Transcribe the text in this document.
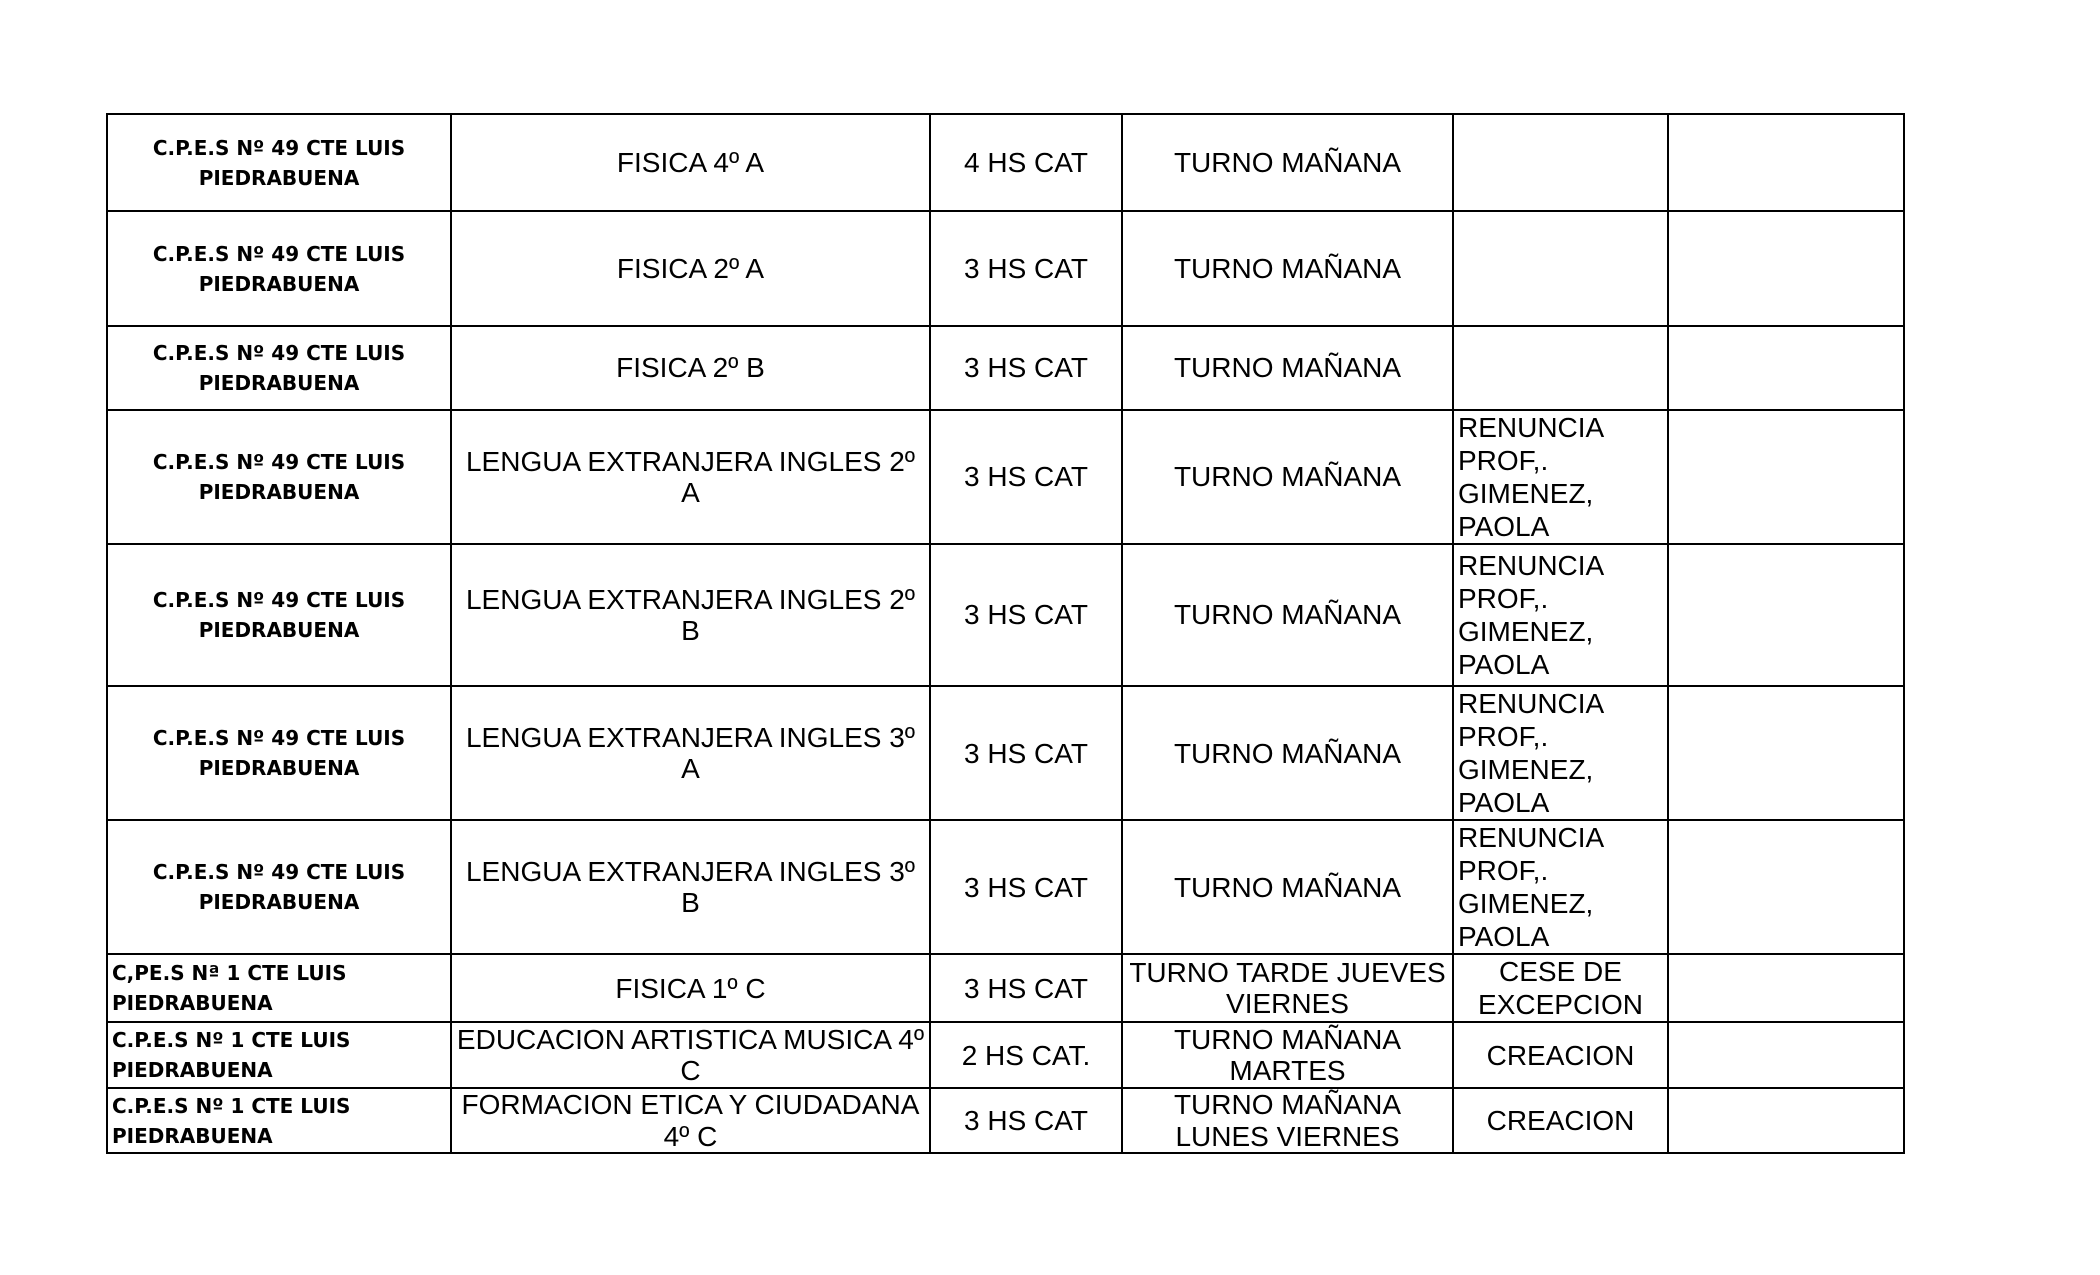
C.P.E.S Nº 49 CTE LUIS PIEDRABUENA	FISICA 4º A	4 HS CAT	TURNO MAÑANA		
C.P.E.S Nº 49 CTE LUIS PIEDRABUENA	FISICA 2º A	3 HS CAT	TURNO MAÑANA		
C.P.E.S Nº 49 CTE LUIS PIEDRABUENA	FISICA 2º B	3 HS CAT	TURNO MAÑANA		
C.P.E.S Nº 49 CTE LUIS PIEDRABUENA	LENGUA EXTRANJERA INGLES 2º A	3 HS CAT	TURNO MAÑANA	RENUNCIA PROF,. GIMENEZ, PAOLA	
C.P.E.S Nº 49 CTE LUIS PIEDRABUENA	LENGUA EXTRANJERA INGLES 2º B	3 HS CAT	TURNO MAÑANA	RENUNCIA PROF,. GIMENEZ, PAOLA	
C.P.E.S Nº 49 CTE LUIS PIEDRABUENA	LENGUA EXTRANJERA INGLES 3º A	3 HS CAT	TURNO MAÑANA	RENUNCIA PROF,. GIMENEZ, PAOLA	
C.P.E.S Nº 49 CTE LUIS PIEDRABUENA	LENGUA EXTRANJERA INGLES 3º B	3 HS CAT	TURNO MAÑANA	RENUNCIA PROF,. GIMENEZ, PAOLA	
C,PE.S Nª 1 CTE LUIS PIEDRABUENA	FISICA 1º C	3 HS CAT	TURNO TARDE JUEVES VIERNES	CESE DE EXCEPCION	
C.P.E.S Nº 1 CTE LUIS PIEDRABUENA	EDUCACION ARTISTICA MUSICA 4º C	2 HS CAT.	TURNO MAÑANA MARTES	CREACION	
C.P.E.S Nº 1 CTE LUIS PIEDRABUENA	FORMACION ETICA Y CIUDADANA 4º C	3 HS CAT	TURNO MAÑANA LUNES VIERNES	CREACION	
